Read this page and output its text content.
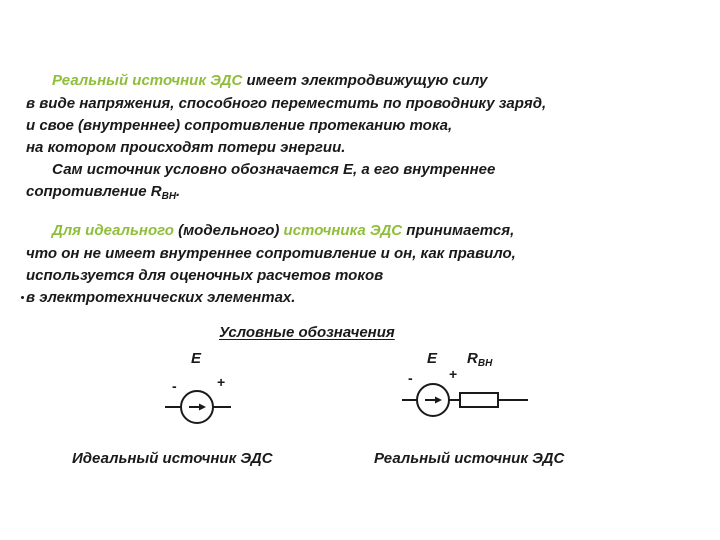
Реальный источник ЭДС имеет электродвижущую силу
в виде напряжения, способного переместить по проводнику заряд,
и свое (внутреннее) сопротивление протеканию тока,
на котором происходят потери энергии.
Сам источник условно обозначается Е, а его внутреннее
сопротивление $R_{ВН}$.
Для идеального (модельного) источника ЭДС принимается,
что он не имеет внутреннее сопротивление и он, как правило,
используется для оценочных расчетов токов
в электротехнических элементах.
Условные обозначения
Е
-	+
Е $R_{ВН}$
-	+
Идеальный источник ЭДС	Реальный источник ЭДС
